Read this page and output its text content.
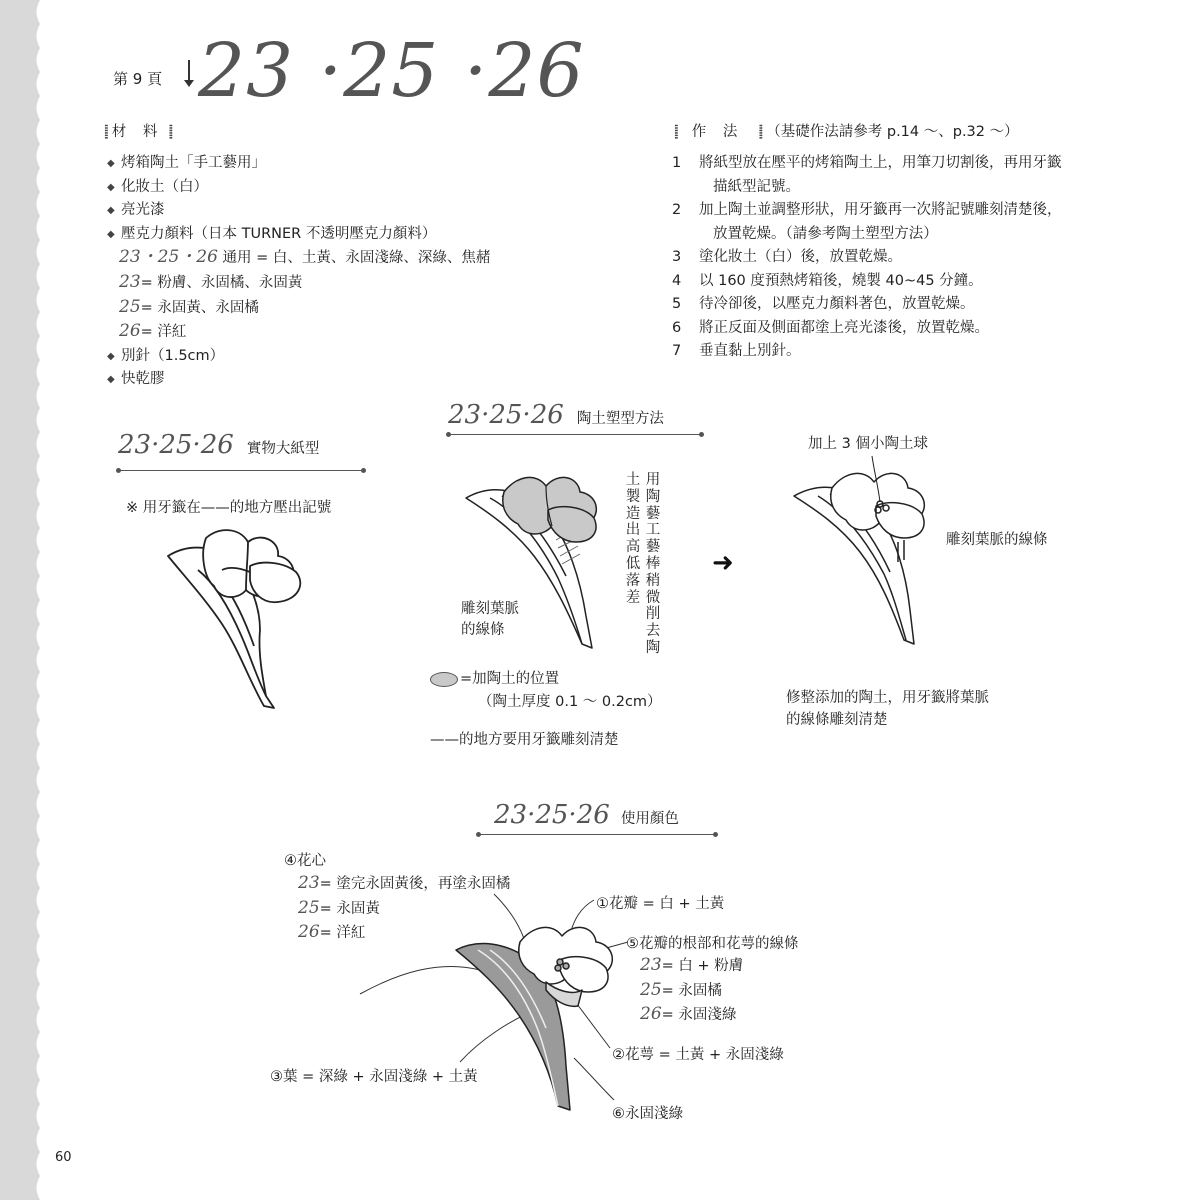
第 9 頁 23 ·25 ·26
⸽⸽ 材 料 ⸽⸽
◆ 烤箱陶土「手工藝用」
◆ 化妝土（白）
◆ 亮光漆
◆ 壓克力顏料（日本 TURNER 不透明壓克力顏料）
23・25・26 通用 = 白、土黃、永固淺綠、深綠、焦赭
23= 粉膚、永固橘、永固黃
25= 永固黃、永固橘
26= 洋紅
◆ 別針（1.5cm）
◆ 快乾膠
⸽⸽ 作 法 ⸽⸽ （基礎作法請參考 p.14 ～、p.32 ～）
1	將紙型放在壓平的烤箱陶土上，用筆刀切割後，再用牙籤
描紙型記號。
2	加上陶土並調整形狀，用牙籤再一次將記號雕刻清楚後，
放置乾燥。（請參考陶土塑型方法）
3	塗化妝土（白）後，放置乾燥。
4	以 160 度預熱烤箱後，燒製 40~45 分鐘。
5	待冷卻後，以壓克力顏料著色，放置乾燥。
6	將正反面及側面都塗上亮光漆後，放置乾燥。
7	垂直黏上別針。
23·25·26 實物大紙型
※ 用牙籤在——的地方壓出記號
23·25·26 陶土塑型方法
用陶藝工藝棒稍微削去陶
土製造出高低落差
雕刻葉脈
的線條
=加陶土的位置
（陶土厚度 0.1 ～ 0.2cm）
——的地方要用牙籤雕刻清楚
➜
加上 3 個小陶土球
雕刻葉脈的線條
修整添加的陶土，用牙籤將葉脈
的線條雕刻清楚
23·25·26 使用顏色
④花心
23= 塗完永固黃後，再塗永固橘
25= 永固黃
26= 洋紅
①花瓣 = 白 + 土黃
⑤花瓣的根部和花萼的線條
23= 白 + 粉膚
25= 永固橘
26= 永固淺綠
②花萼 = 土黃 + 永固淺綠
③葉 = 深綠 + 永固淺綠 + 土黃
⑥永固淺綠
60
